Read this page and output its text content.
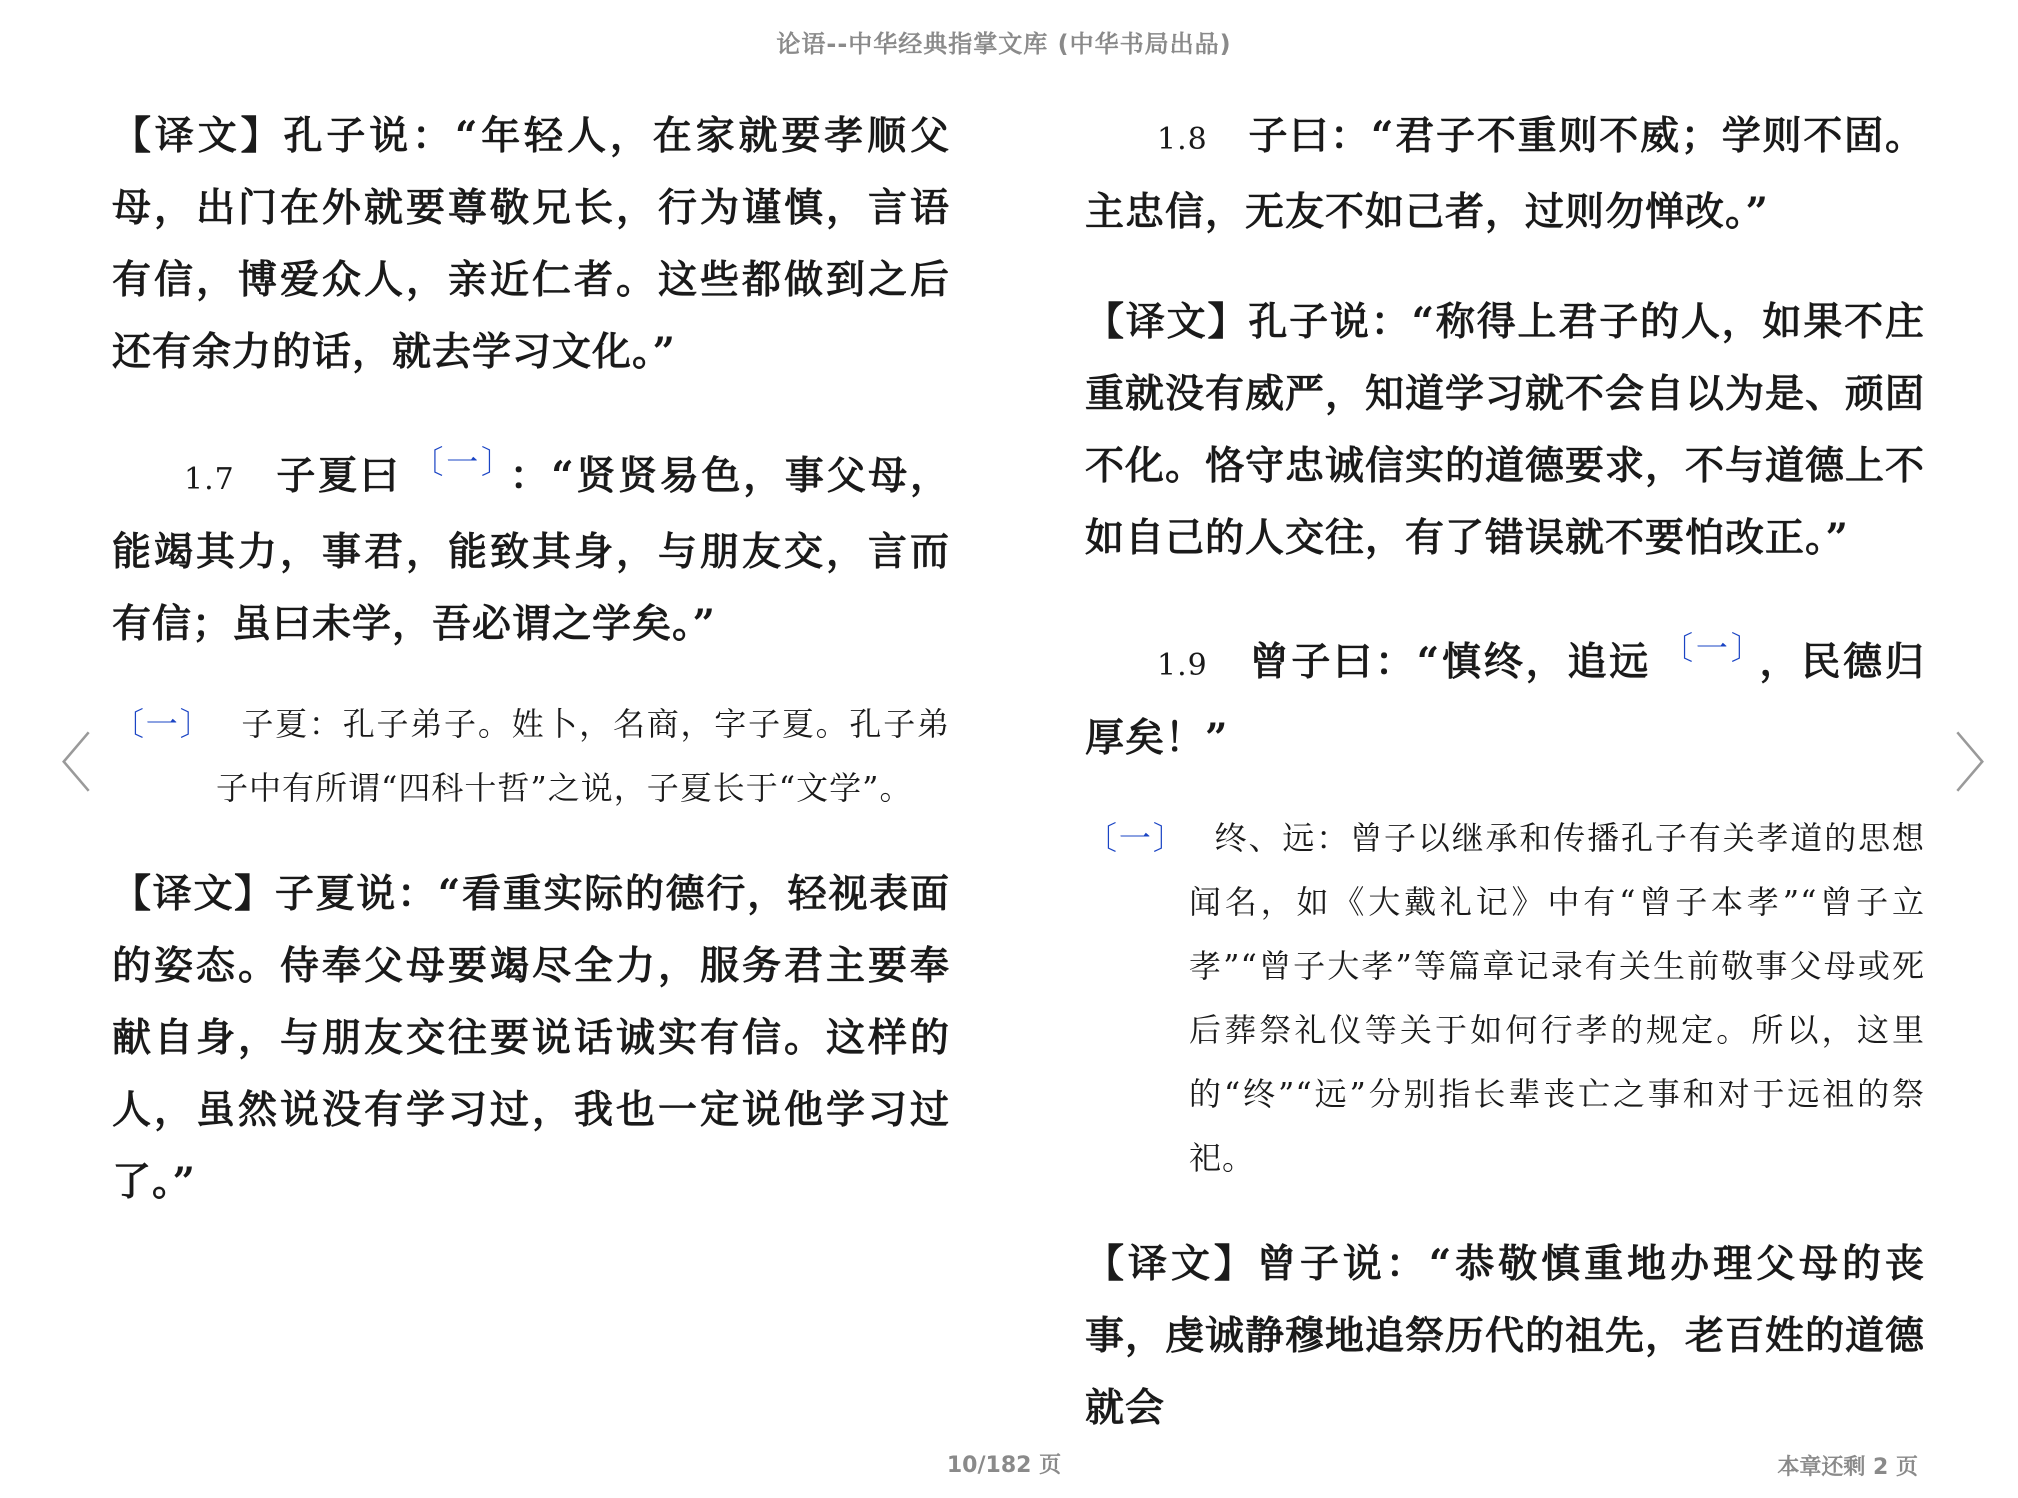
论语--中华经典指掌文库 (中华书局出品)
〈	〉

【译文】孔子说：“年轻人，在家就要孝顺父母，出门在外就要尊敬兄长，行为谨慎，言语有信，博爱众人，亲近仁者。这些都做到之后还有余力的话，就去学习文化。”

1.7 子夏曰 $^{〔一〕}$ ：“贤贤易色，事父母，能竭其力，事君，能致其身，与朋友交，言而有信；虽曰未学，吾必谓之学矣。”

〔一〕 子夏：孔子弟子。姓卜，名商，字子夏。孔子弟子中有所谓“四科十哲”之说，子夏长于“文学”。

【译文】子夏说：“看重实际的德行，轻视表面的姿态。侍奉父母要竭尽全力，服务君主要奉献自身，与朋友交往要说话诚实有信。这样的人，虽然说没有学习过，我也一定说他学习过了。”

1.8 子曰：“君子不重则不威；学则不固。主忠信，无友不如己者，过则勿惮改。”

【译文】孔子说：“称得上君子的人，如果不庄重就没有威严，知道学习就不会自以为是、顽固不化。恪守忠诚信实的道德要求，不与道德上不如自己的人交往，有了错误就不要怕改正。”

1.9 曾子曰：“慎终，追远 $^{〔一〕}$ ，民德归厚矣！”

〔一〕 终、远：曾子以继承和传播孔子有关孝道的思想闻名，如《大戴礼记》中有“曾子本孝”“曾子立孝”“曾子大孝”等篇章记录有关生前敬事父母或死后葬祭礼仪等关于如何行孝的规定。所以，这里的“终”“远”分别指长辈丧亡之事和对于远祖的祭祀。

【译文】曾子说：“恭敬慎重地办理父母的丧事，虔诚静穆地追祭历代的祖先，老百姓的道德就会

10/182 页	本章还剩 2 页
